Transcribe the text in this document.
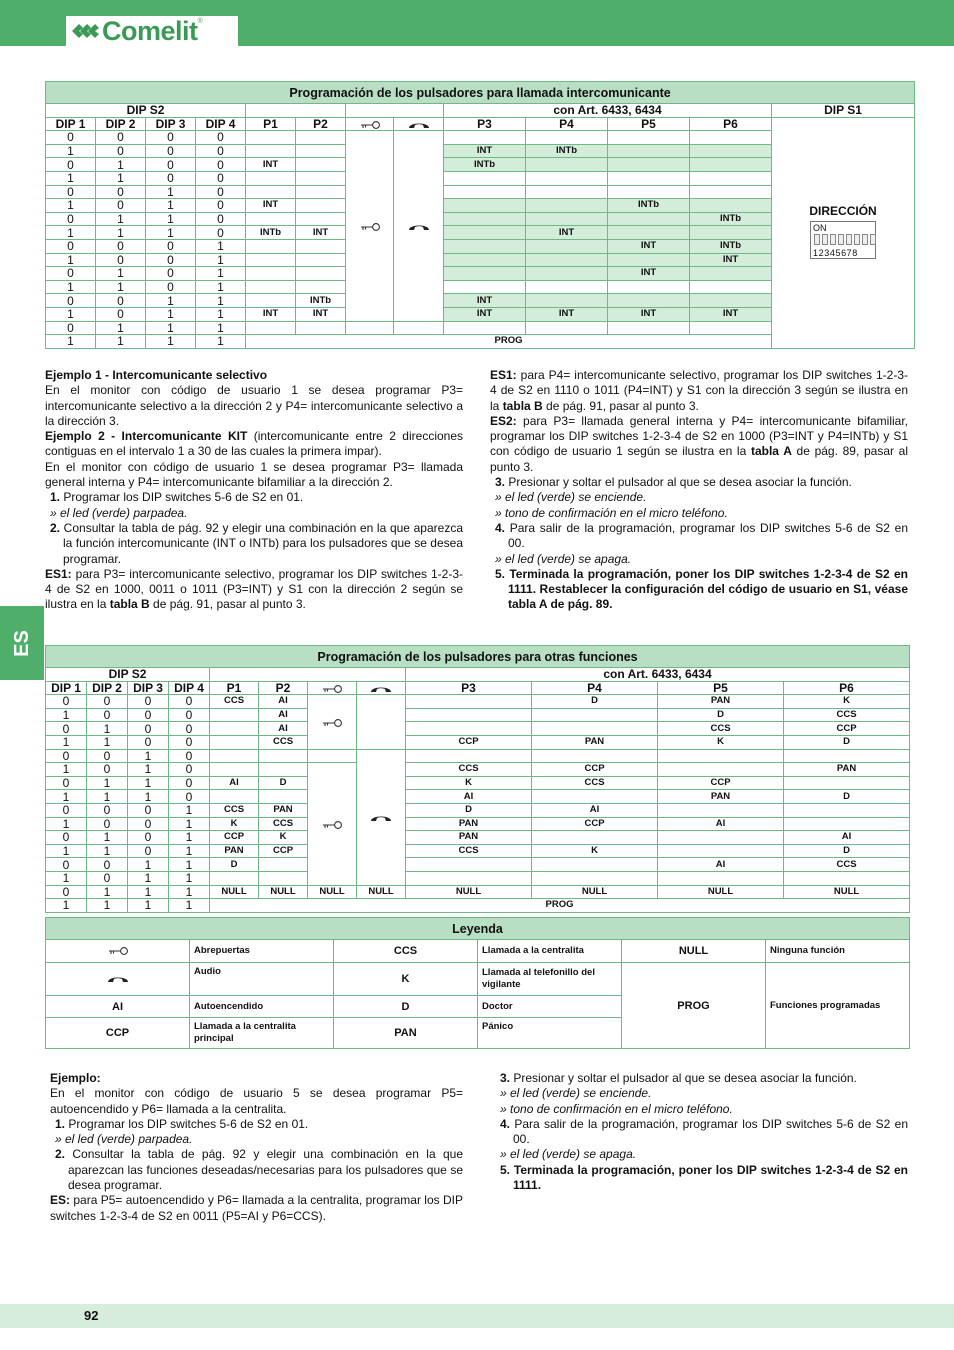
Comelit ®
ES
Programación de los pulsadores para llamada intercomunicante												
DIP S2								con Art. 6433, 6434				DIP S1
DIP 1	DIP 2	DIP 3	DIP 4	P1	P2			P3	P4	P5	P6	DIRECCIÓN
ON
12345678

0	0	0	0								
1	0	0	0					INT	INTb			
0	1	0	0	INT				INTb				
1	1	0	0									
0	0	1	0									
1	0	1	0	INT						INTb		
0	1	1	0								INTb	
1	1	1	0	INTb	INT				INT			
0	0	0	1							INT	INTb	
1	0	0	1								INT	
0	1	0	1							INT		
1	1	0	1									
0	0	1	1		INTb			INT				
1	0	1	1	INT	INT			INT	INT	INT	INT	
0	1	1	1									
1	1	1	1	PROG								

Ejemplo 1 - Intercomunicante selectivo

En el monitor con código de usuario 1 se desea programar P3= intercomunicante selectivo a la dirección 2 y P4= intercomunicante selectivo a la dirección 3.

Ejemplo 2 - Intercomunicante KIT (intercomunicante entre 2 direcciones contiguas en el intervalo 1 a 30 de las cuales la primera impar).

En el monitor con código de usuario 1 se desea programar P3= llamada general interna y P4= intercomunicante bifamiliar a la dirección 2.

1. Programar los DIP switches 5-6 de S2 en 01.

» el led (verde) parpadea.

2. Consultar la tabla de pág. 92 y elegir una combinación en la que aparezca la función intercomunicante (INT o INTb) para los pulsadores que se desea programar.

ES1: para P3= intercomunicante selectivo, programar los DIP switches 1-2-3-4 de S2 en 1000, 0011 o 1011 (P3=INT) y S1 con la dirección 2 según se ilustra en la tabla B de pág. 91, pasar al punto 3.

ES1: para P4= intercomunicante selectivo, programar los DIP switches 1-2-3-4 de S2 en 1110 o 1011 (P4=INT) y S1 con la dirección 3 según se ilustra en la tabla B de pág. 91, pasar al punto 3.

ES2: para P3= llamada general interna y P4= intercomunicante bifamiliar, programar los DIP switches 1-2-3-4 de S2 en 1000 (P3=INT y P4=INTb) y S1 con código de usuario 1 según se ilustra en la tabla A de pág. 89, pasar al punto 3.

3. Presionar y soltar el pulsador al que se desea asociar la función.

» el led (verde) se enciende.

» tono de confirmación en el micro teléfono.

4. Para salir de la programación, programar los DIP switches 5-6 de S2 en 00.

» el led (verde) se apaga.

5. Terminada la programación, poner los DIP switches 1-2-3-4 de S2 en 1111. Restablecer la configuración del código de usuario en S1, véase tabla A de pág. 89.

Programación de los pulsadores para otras funciones											
DIP S2								con Art. 6433, 6434			
DIP 1	DIP 2	DIP 3	DIP 4	P1	P2			P3	P4	P5	P6
0	0	0	0	CCS	AI				D	PAN	K
1	0	0	0		AI					D	CCS
0	1	0	0		AI					CCS	CCP
1	1	0	0		CCS			CCP	PAN	K	D
0	0	1	0								
1	0	1	0					CCS	CCP		PAN
0	1	1	0	AI	D			K	CCS	CCP	
1	1	1	0					AI		PAN	D
0	0	0	1	CCS	PAN			D	AI		
1	0	0	1	K	CCS			PAN	CCP	AI	
0	1	0	1	CCP	K			PAN			AI
1	1	0	1	PAN	CCP			CCS	K		D
0	0	1	1	D						AI	CCS
1	0	1	1								
0	1	1	1	NULL	NULL	NULL	NULL	NULL	NULL	NULL	NULL
1	1	1	1	PROG							
Leyenda					
	Abrepuertas	CCS	Llamada a la centralita	NULL	Ninguna función
	Audio	K	Llamada al telefonillo del vigilante	PROG	Funciones programadas
AI	Autoencendido	D	Doctor		
CCP	Llamada a la centralita principal	PAN	Pánico		

Ejemplo:

En el monitor con código de usuario 5 se desea programar P5= autoencendido y P6= llamada a la centralita.

1. Programar los DIP switches 5-6 de S2 en 01.

» el led (verde) parpadea.

2. Consultar la tabla de pág. 92 y elegir una combinación en la que aparezcan las funciones deseadas/necesarias para los pulsadores que se desea programar.

ES: para P5= autoencendido y P6= llamada a la centralita, programar los DIP switches 1-2-3-4 de S2 en 0011 (P5=AI y P6=CCS).

3. Presionar y soltar el pulsador al que se desea asociar la función.

» el led (verde) se enciende.

» tono de confirmación en el micro teléfono.

4. Para salir de la programación, programar los DIP switches 5-6 de S2 en 00.

» el led (verde) se apaga.

5. Terminada la programación, poner los DIP switches 1-2-3-4 de S2 en 1111.

92
